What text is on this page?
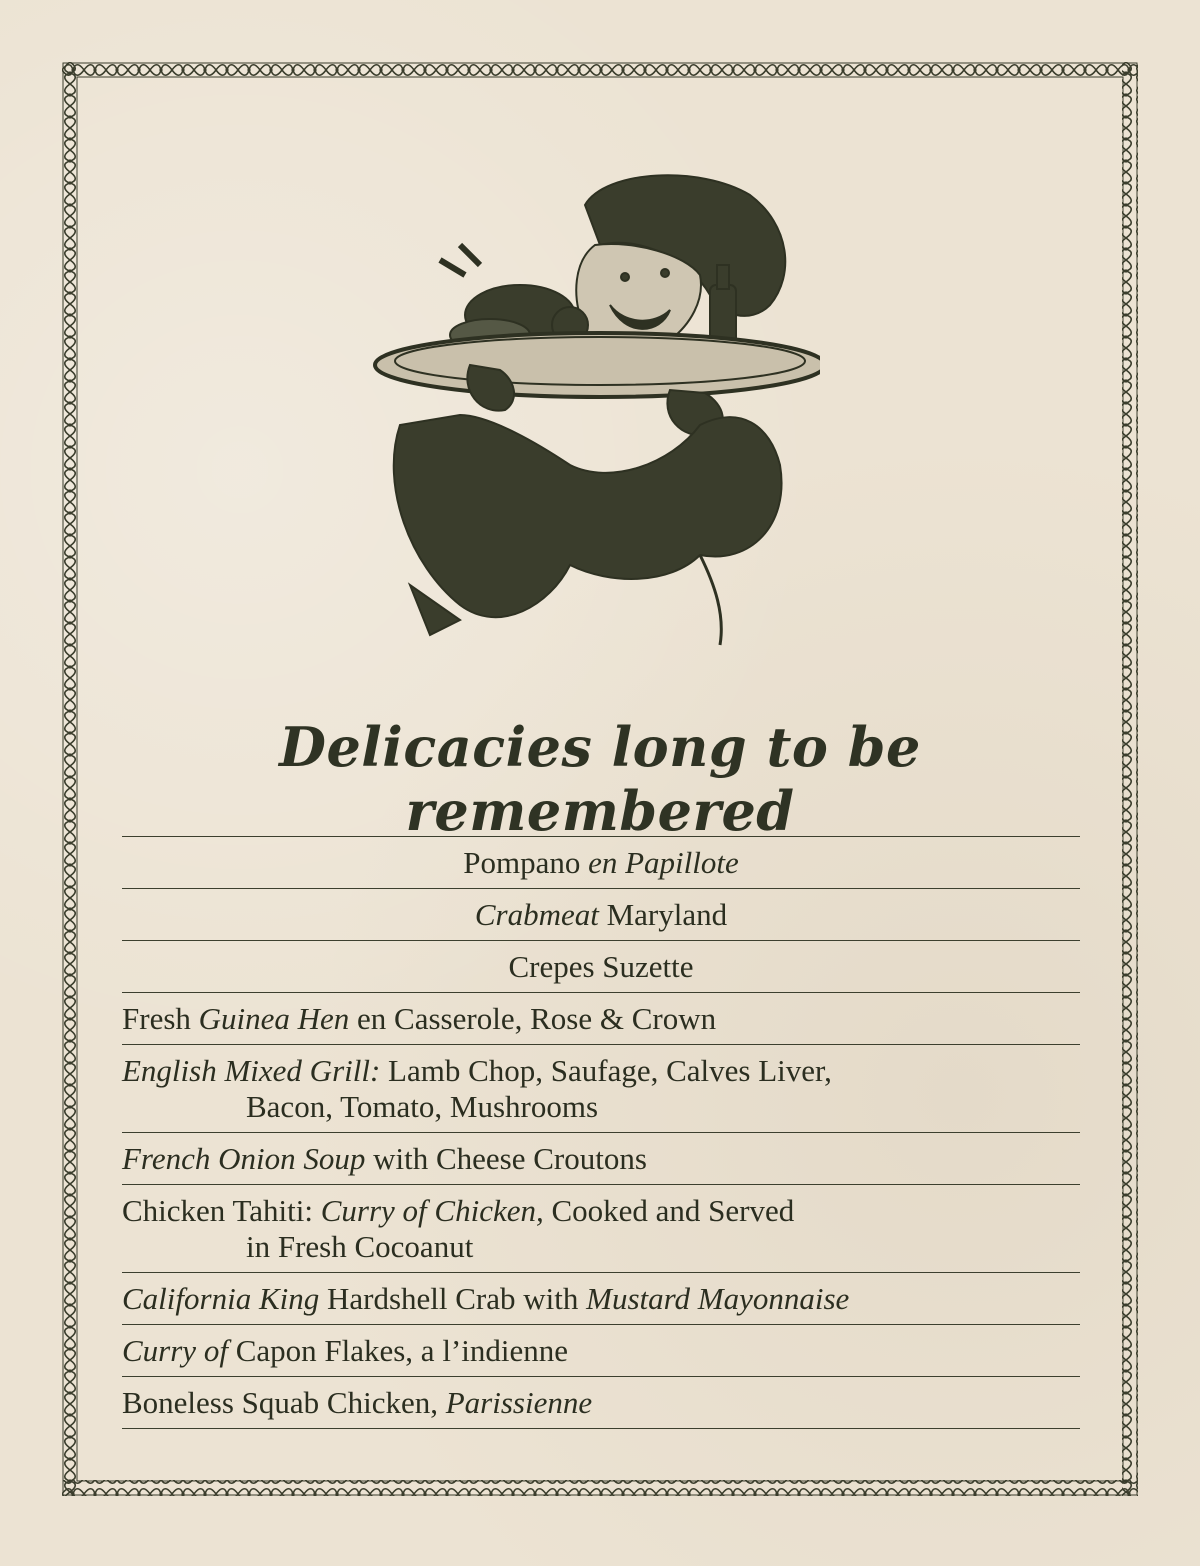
Delicacies long to be remembered
Pompano en Papillote
Crabmeat Maryland
Crepes Suzette
Fresh Guinea Hen en Casserole, Rose & Crown
English Mixed Grill: Lamb Chop, Saufage, Calves Liver,
Bacon, Tomato, Mushrooms
French Onion Soup with Cheese Croutons
Chicken Tahiti: Curry of Chicken, Cooked and Served
in Fresh Cocoanut
California King Hardshell Crab with Mustard Mayonnaise
Curry of Capon Flakes, a l’indienne
Boneless Squab Chicken, Parissienne
